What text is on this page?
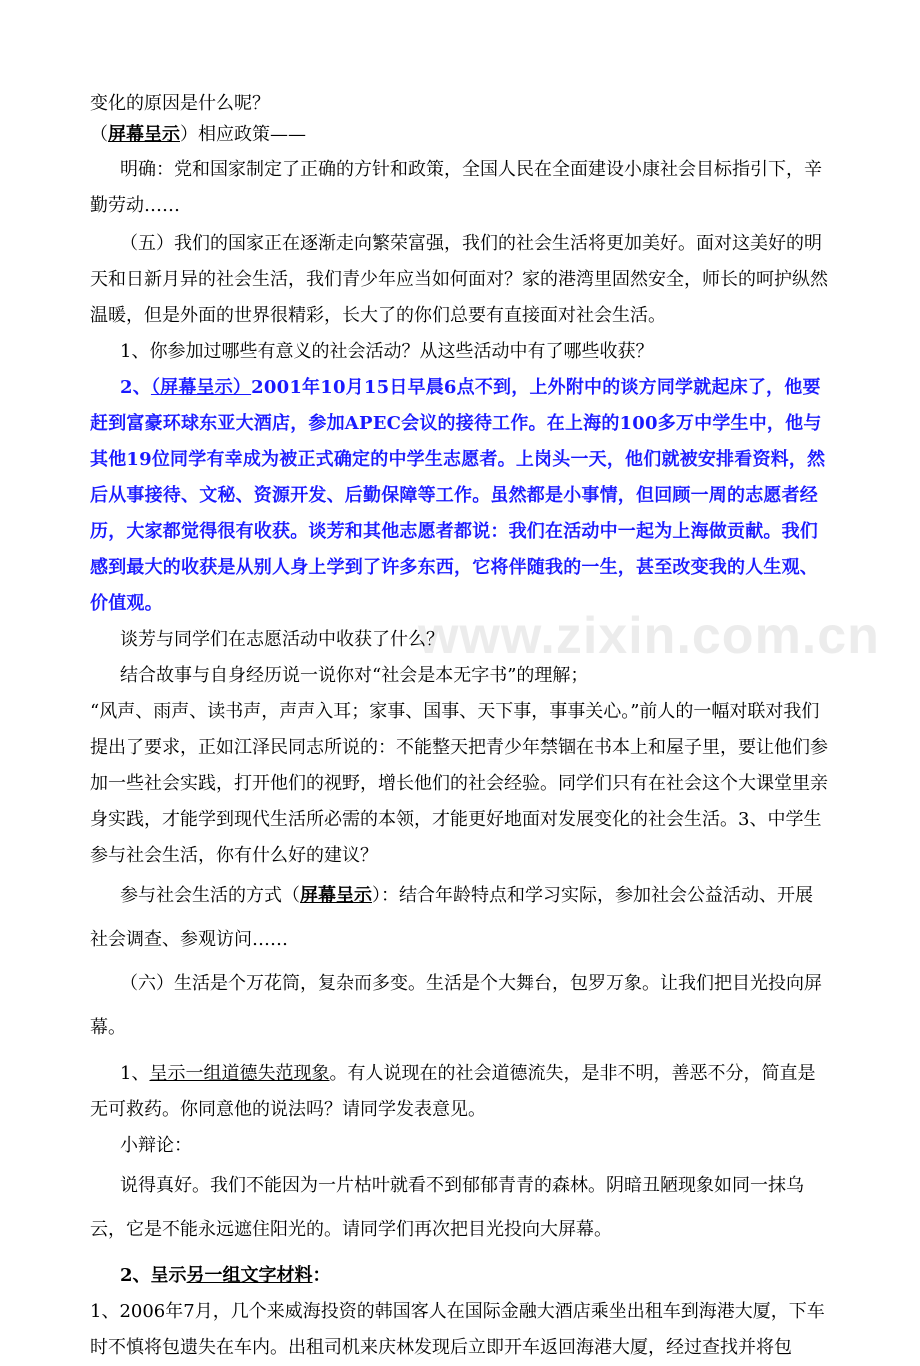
www.zixin.com.cn

变化的原因是什么呢？

（屏幕呈示）相应政策——

明确：党和国家制定了正确的方针和政策，全国人民在全面建设小康社会目标指引下，辛勤劳动……

（五）我们的国家正在逐渐走向繁荣富强，我们的社会生活将更加美好。面对这美好的明天和日新月异的社会生活，我们青少年应当如何面对？家的港湾里固然安全，师长的呵护纵然温暖，但是外面的世界很精彩，长大了的你们总要有直接面对社会生活。

1、你参加过哪些有意义的社会活动？从这些活动中有了哪些收获？

2、（屏幕呈示）2001年10月15日早晨6点不到，上外附中的谈方同学就起床了，他要赶到富豪环球东亚大酒店，参加APEC会议的接待工作。在上海的100多万中学生中，他与其他19位同学有幸成为被正式确定的中学生志愿者。上岗头一天，他们就被安排看资料，然后从事接待、文秘、资源开发、后勤保障等工作。虽然都是小事情，但回顾一周的志愿者经历，大家都觉得很有收获。谈芳和其他志愿者都说：我们在活动中一起为上海做贡献。我们感到最大的收获是从别人身上学到了许多东西，它将伴随我的一生，甚至改变我的人生观、价值观。

谈芳与同学们在志愿活动中收获了什么？

结合故事与自身经历说一说你对“社会是本无字书”的理解；

“风声、雨声、读书声，声声入耳；家事、国事、天下事，事事关心。”前人的一幅对联对我们提出了要求，正如江泽民同志所说的：不能整天把青少年禁锢在书本上和屋子里，要让他们参加一些社会实践，打开他们的视野，增长他们的社会经验。同学们只有在社会这个大课堂里亲身实践，才能学到现代生活所必需的本领，才能更好地面对发展变化的社会生活。3、中学生参与社会生活，你有什么好的建议？

参与社会生活的方式（屏幕呈示）：结合年龄特点和学习实际，参加社会公益活动、开展社会调查、参观访问……

（六）生活是个万花筒，复杂而多变。生活是个大舞台，包罗万象。让我们把目光投向屏幕。

1、呈示一组道德失范现象。有人说现在的社会道德流失，是非不明，善恶不分，简直是无可救药。你同意他的说法吗？请同学发表意见。

小辩论：

说得真好。我们不能因为一片枯叶就看不到郁郁青青的森林。阴暗丑陋现象如同一抹乌云，它是不能永远遮住阳光的。请同学们再次把目光投向大屏幕。

2、呈示另一组文字材料：

1、2006年7月，几个来威海投资的韩国客人在国际金融大酒店乘坐出租车到海港大厦，下车时不慎将包遗失在车内。出租司机来庆林发现后立即开车返回海港大厦，经过查找并将包
